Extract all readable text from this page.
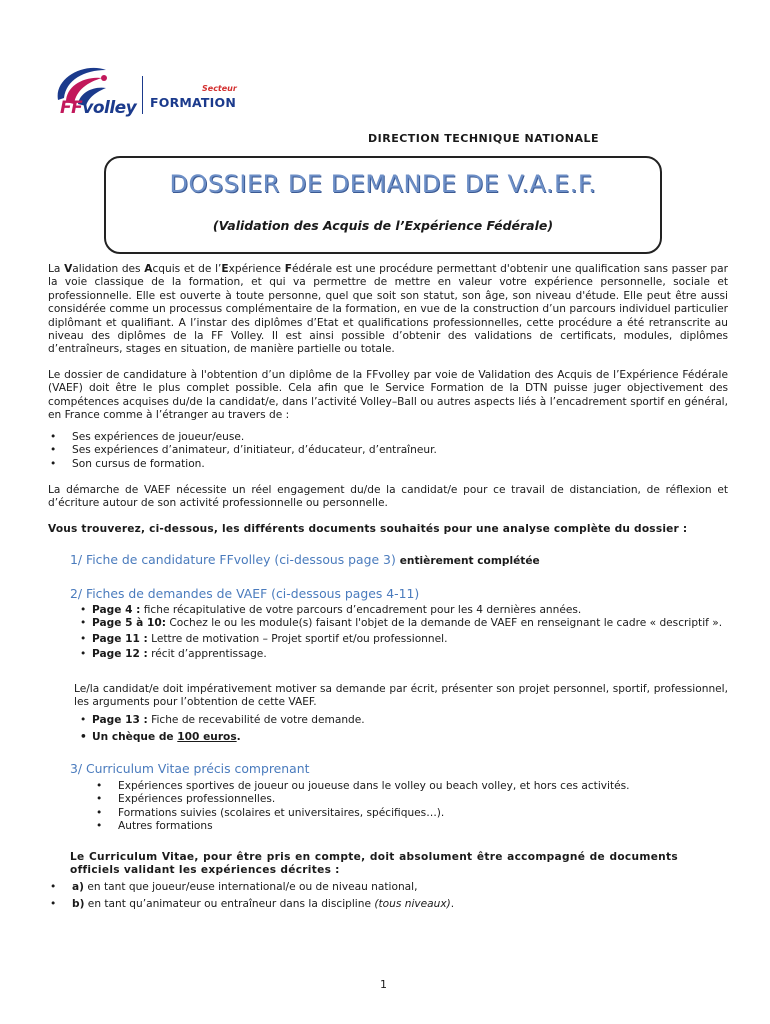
FFvolley
Secteur
FORMATION
DIRECTION TECHNIQUE NATIONALE
DOSSIER DE DEMANDE DE V.A.E.F.
(Validation des Acquis de l’Expérience Fédérale)
La Validation des Acquis et de l’Expérience Fédérale est une procédure permettant d'obtenir une qualification sans passer par la voie classique de la formation, et qui va permettre de mettre en valeur votre expérience personnelle, sociale et professionnelle. Elle est ouverte à toute personne, quel que soit son statut, son âge, son niveau d'étude. Elle peut être aussi considérée comme un processus complémentaire de la formation, en vue de la construction d’un parcours individuel particulier diplômant et qualifiant. A l’instar des diplômes d’Etat et qualifications professionnelles, cette procédure a été retranscrite au niveau des diplômes de la FF Volley. Il est ainsi possible d’obtenir des validations de certificats, modules, diplômes d’entraîneurs, stages en situation, de manière partielle ou totale.
Le dossier de candidature à l'obtention d’un diplôme de la FFvolley par voie de Validation des Acquis de l’Expérience Fédérale (VAEF) doit être le plus complet possible. Cela afin que le Service Formation de la DTN puisse juger objectivement des compétences acquises du/de la candidat/e, dans l’activité Volley–Ball ou autres aspects liés à l’encadrement sportif en général, en France comme à l’étranger au travers de :
• Ses expériences de joueur/euse.
• Ses expériences d’animateur, d’initiateur, d’éducateur, d’entraîneur.
• Son cursus de formation.
La démarche de VAEF nécessite un réel engagement du/de la candidat/e pour ce travail de distanciation, de réflexion et d’écriture autour de son activité professionnelle ou personnelle.
Vous trouverez, ci-dessous, les différents documents souhaités pour une analyse complète du dossier :
1/ Fiche de candidature FFvolley (ci-dessous page 3) entièrement complétée
2/ Fiches de demandes de VAEF (ci-dessous pages 4-11)
• Page 4 : fiche récapitulative de votre parcours d’encadrement pour les 4 dernières années.
• Page 5 à 10: Cochez le ou les module(s) faisant l'objet de la demande de VAEF en renseignant le cadre « descriptif ».
• Page 11 : Lettre de motivation – Projet sportif et/ou professionnel.
• Page 12 : récit d’apprentissage.
Le/la candidat/e doit impérativement motiver sa demande par écrit, présenter son projet personnel, sportif, professionnel, les arguments pour l’obtention de cette VAEF.
• Page 13 : Fiche de recevabilité de votre demande.
• Un chèque de 100 euros.
3/ Curriculum Vitae précis comprenant
• Expériences sportives de joueur ou joueuse dans le volley ou beach volley, et hors ces activités.
• Expériences professionnelles.
• Formations suivies (scolaires et universitaires, spécifiques…).
• Autres formations
Le Curriculum Vitae, pour être pris en compte, doit absolument être accompagné de documents officiels validant les expériences décrites :
• a) en tant que joueur/euse international/e ou de niveau national,
• b) en tant qu’animateur ou entraîneur dans la discipline (tous niveaux).
1
